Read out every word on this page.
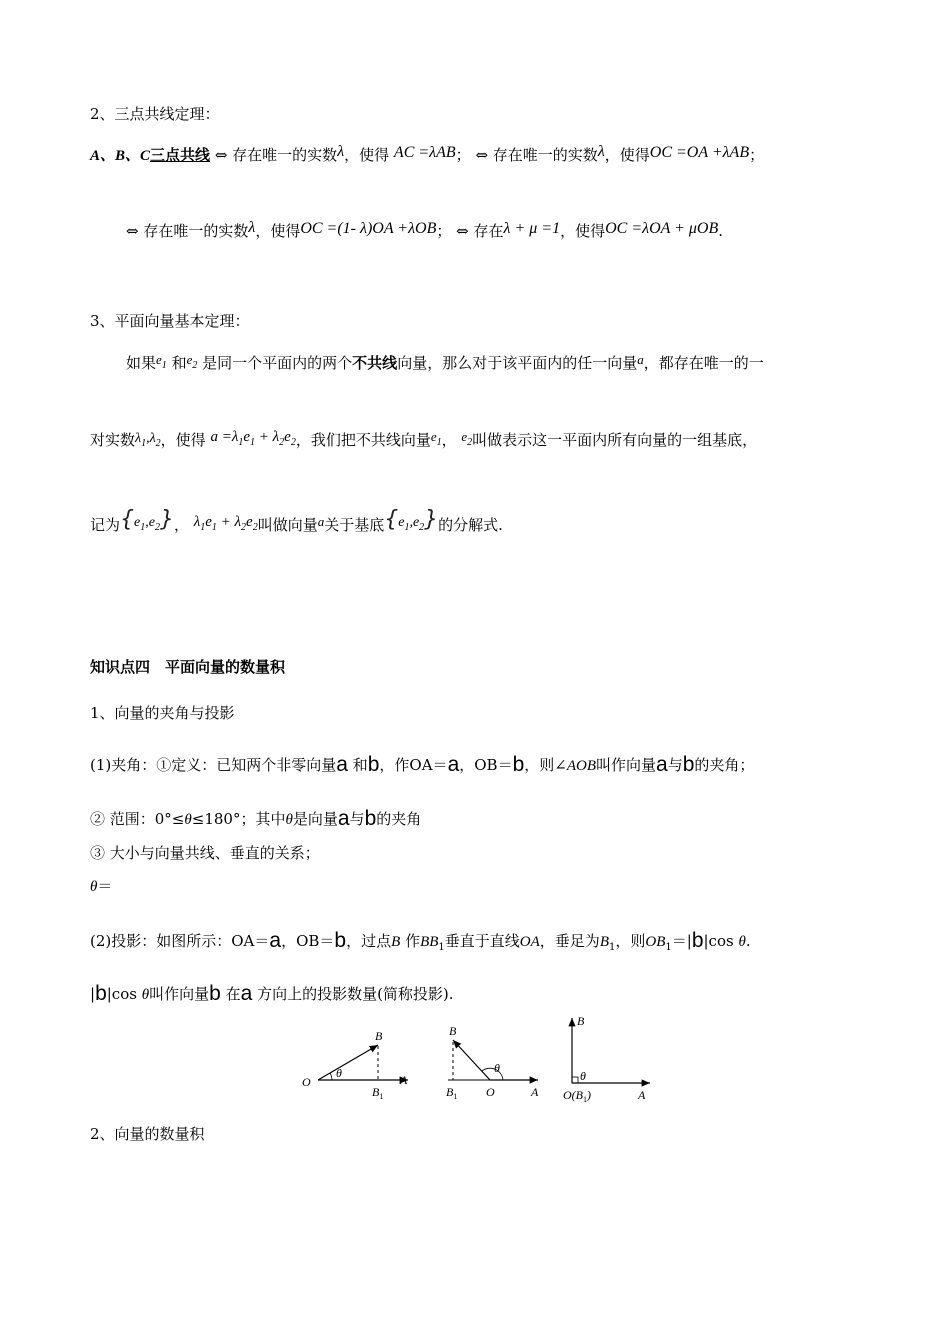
2、三点共线定理：
A、B、C三点共线 ⇔ 存在唯一的实数λ，使得 AC =λAB； ⇔ 存在唯一的实数λ，使得OC =OA +λAB；
⇔ 存在唯一的实数λ，使得OC =(1- λ)OA +λOB； ⇔ 存在λ + μ =1，使得OC =λOA + μOB.
3、平面向量基本定理：
如果$e_1$ 和$e_2$ 是同一个平面内的两个不共线向量，那么对于该平面内的任一向量a，都存在唯一的一
对实数$\lambda_1,\lambda_2$，使得 $a =\lambda_1e_1 + \lambda_2e_2$，我们把不共线向量$e_1$， $e_2$叫做表示这一平面内所有向量的一组基底，
记为$\{e_1,e_2\}$， $\lambda_1e_1 + \lambda_2e_2$叫做向量a关于基底$\{e_1,e_2\}$的分解式.
知识点四　平面向量的数量积
1、向量的夹角与投影
(1)夹角：①定义：已知两个非零向量a 和b，作OA＝a，OB＝b，则∠AOB叫作向量a与b的夹角；
② 范围：0°≤θ≤180°；其中θ是向量a与b的夹角
③ 大小与向量共线、垂直的关系；
θ＝
(2)投影：如图所示：OA＝a，OB＝b，过点B 作$BB_1$垂直于直线OA，垂足为$B_1$，则$OB_1=|b|\cos$ θ.
|b|cos θ叫作向量b 在a 方向上的投影数量(简称投影).
O
B
$B_1$
A
θ
B
$B_1$ O	A
θ
B
θ
$O(B_1)$	A
2、向量的数量积
